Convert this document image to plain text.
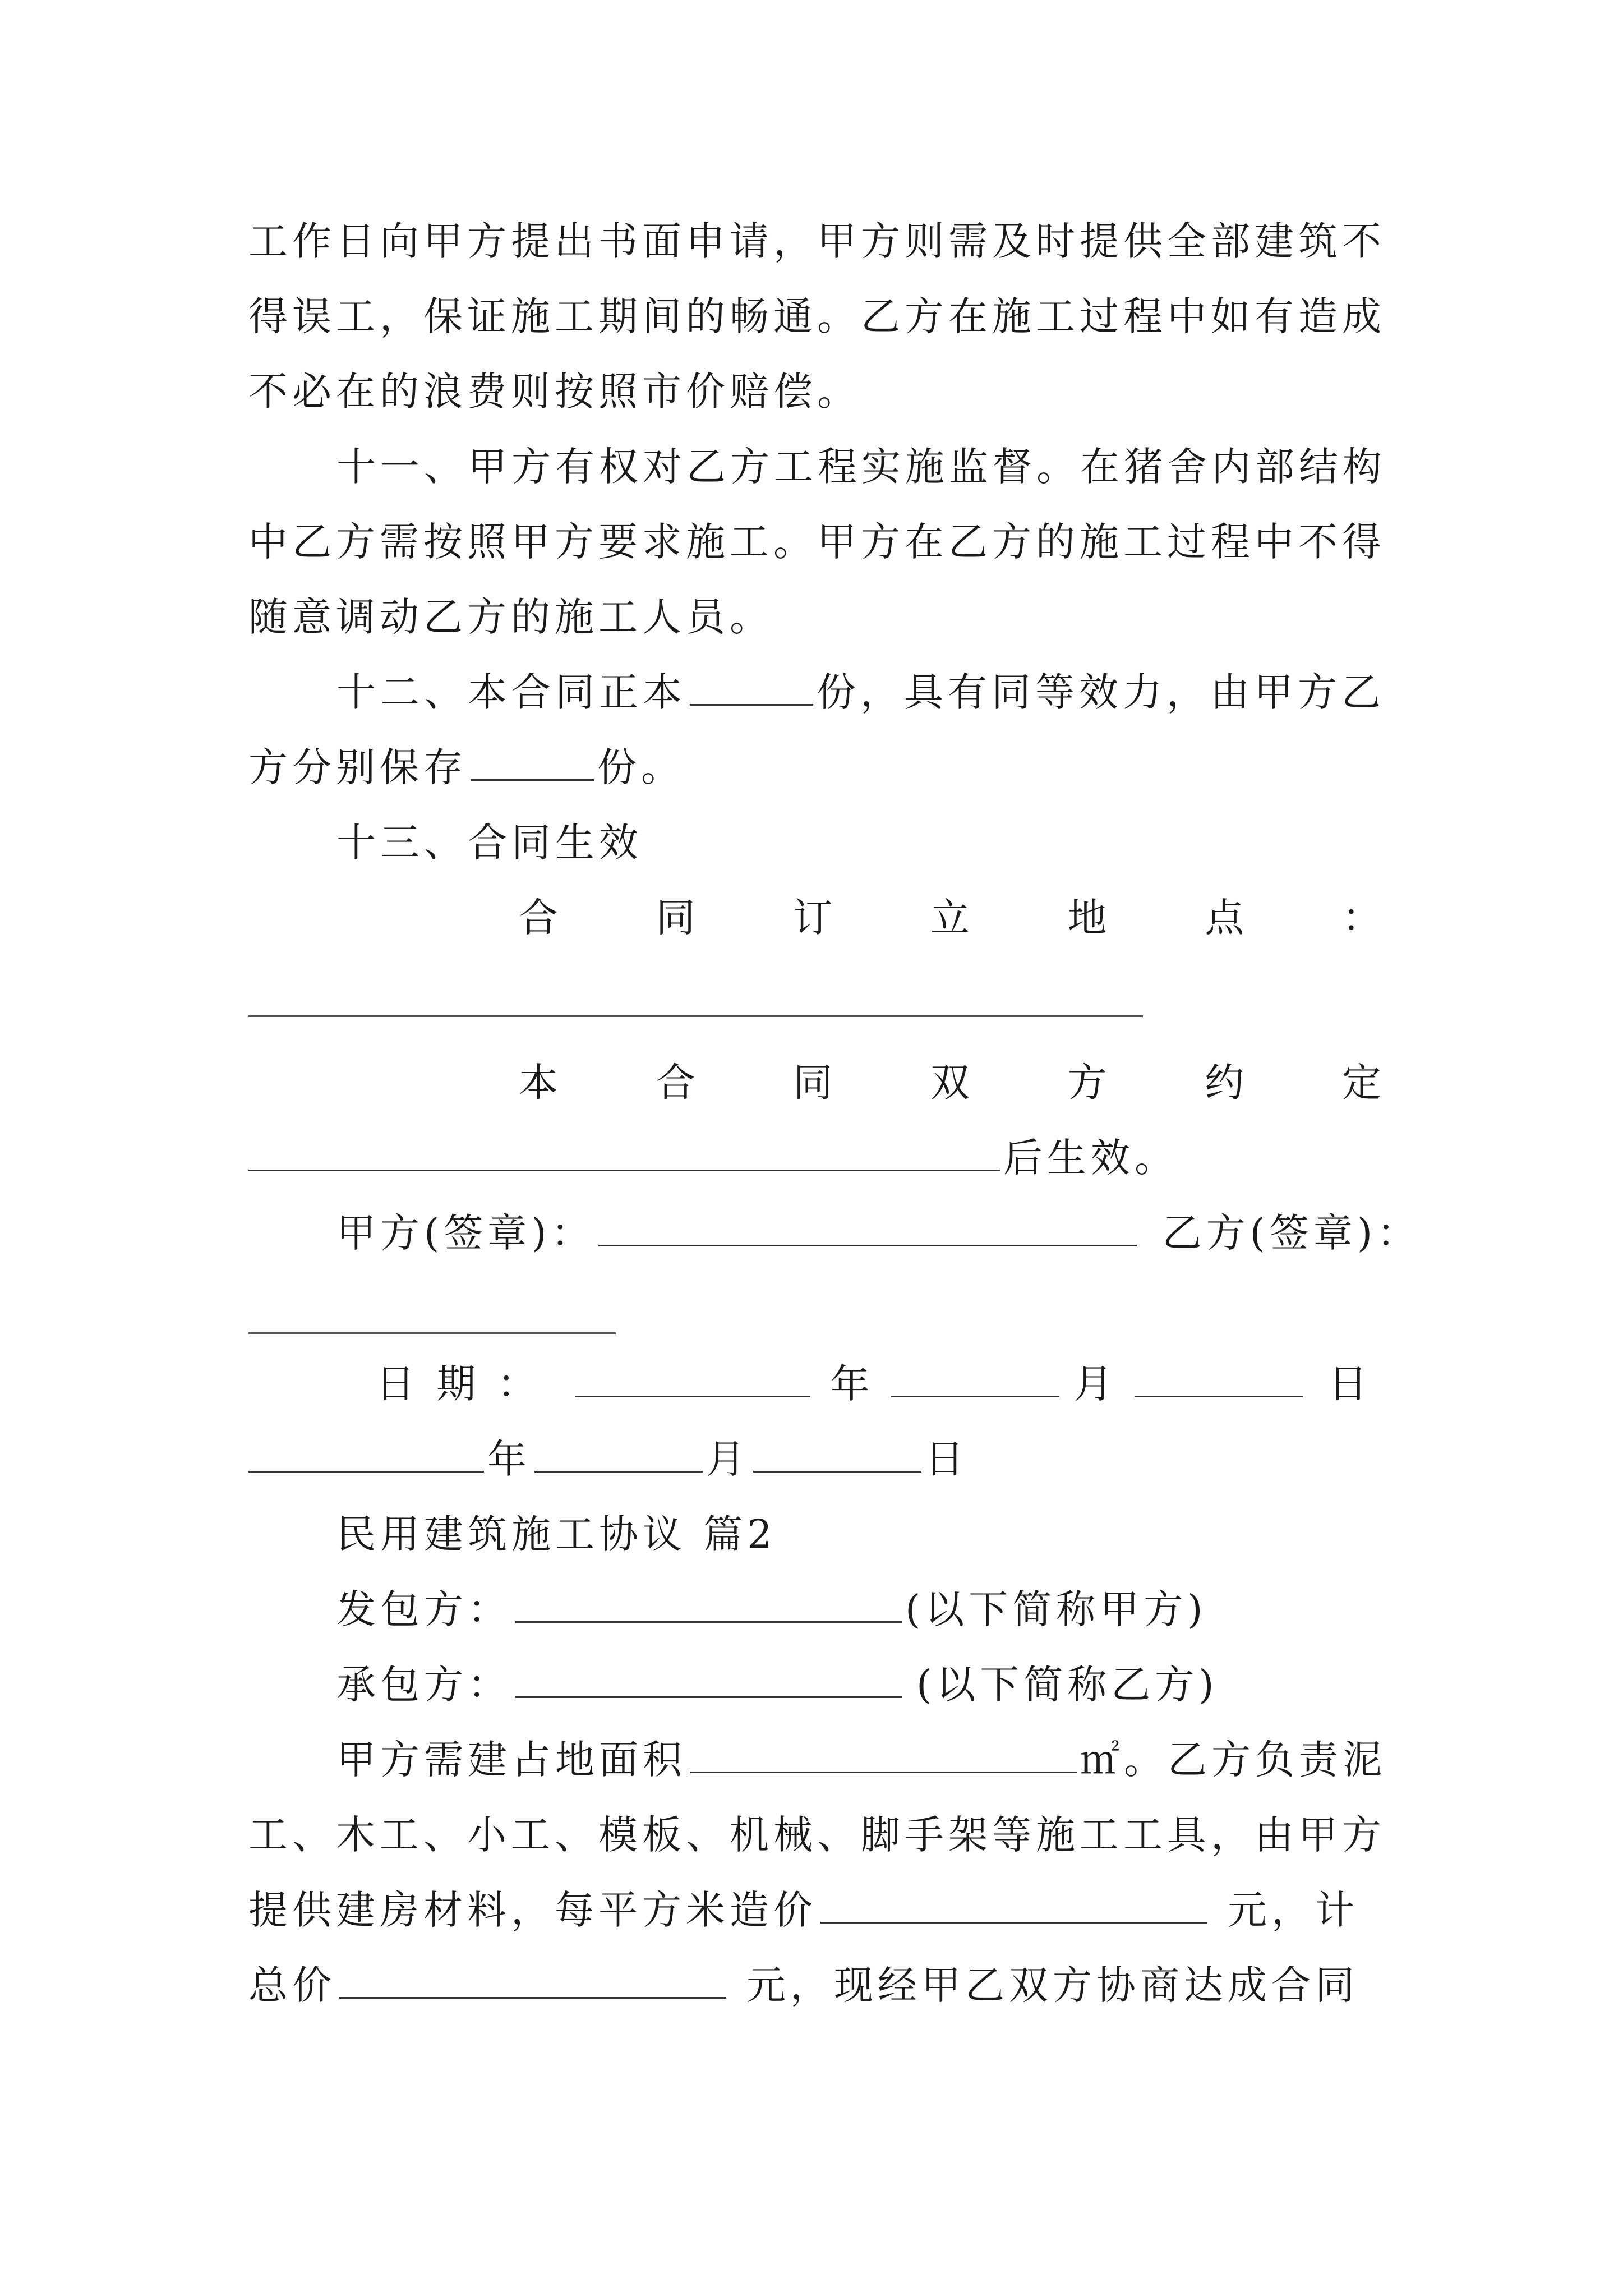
工作日向甲方提出书面申请，甲方则需及时提供全部建筑不
得误工，保证施工期间的畅通。乙方在施工过程中如有造成
不必在的浪费则按照市价赔偿。
十一、甲方有权对乙方工程实施监督。在猪舍内部结构
中乙方需按照甲方要求施工。甲方在乙方的施工过程中不得
随意调动乙方的施工人员。
十二、本合同正本	份，具有同等效力，由甲方乙
方分别保存	份。
十三、合同生效
合 同 订 立 地 点 ：
本 合 同 双 方 约 定
后生效。
甲方(签章)：	乙方(签章)：
日 期 ：	年	月	日
年	月	日
民用建筑施工协议 篇2
发包方：	(以下简称甲方)
承包方：	(以下简称乙方)
甲方需建占地面积	㎡。乙方负责泥
工、木工、小工、模板、机械、脚手架等施工工具，由甲方
提供建房材料，每平方米造价	元，计
总价	元，现经甲乙双方协商达成合同
